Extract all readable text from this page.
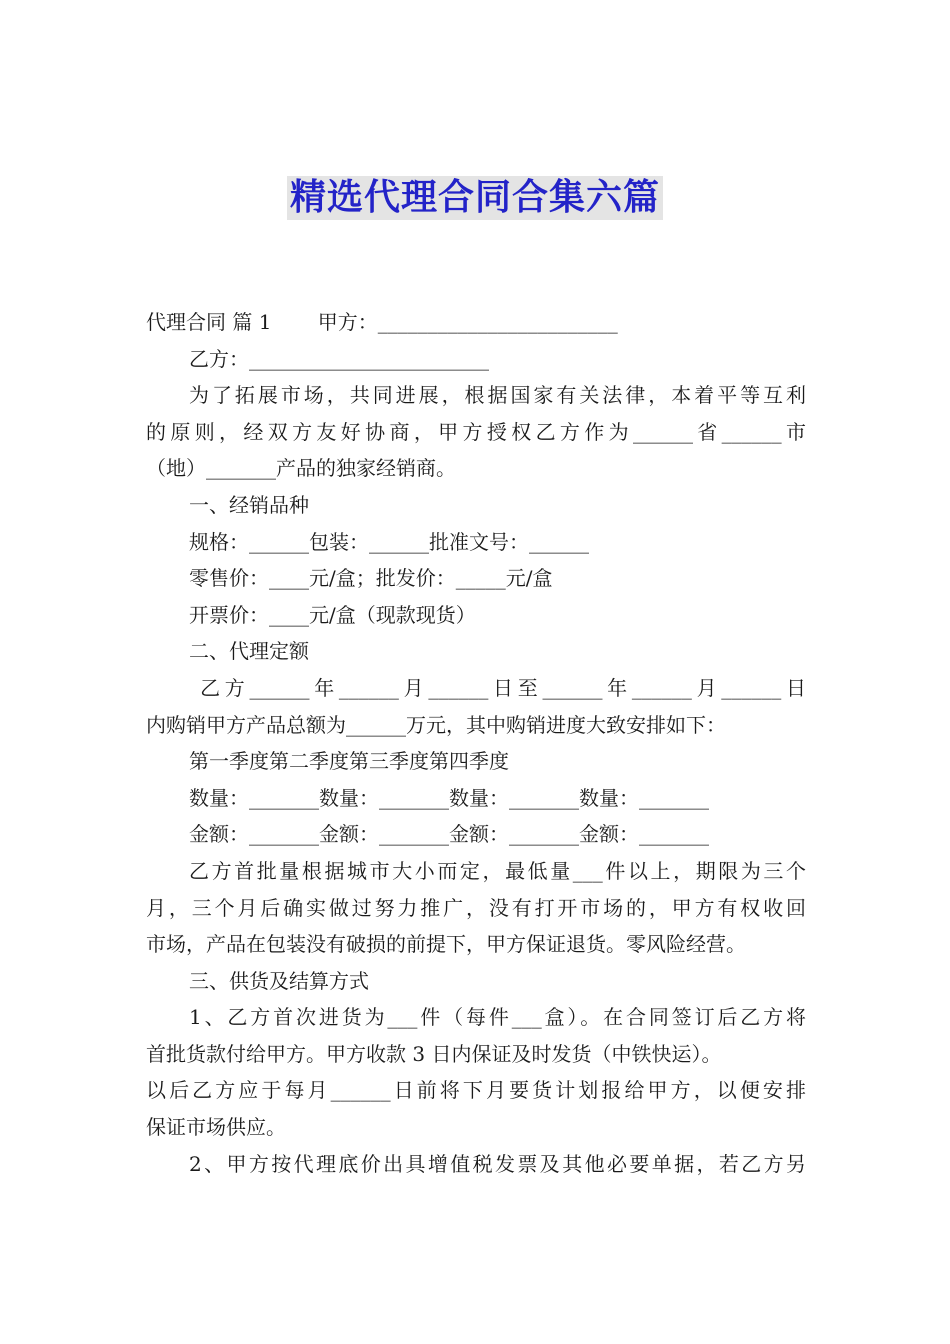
精选代理合同合集六篇
代理合同 篇 1 　　甲方：________________________
乙方：________________________
为了拓展市场，共同进展，根据国家有关法律，本着平等互利
的原则，经双方友好协商，甲方授权乙方作为______省______市
（地）_______产品的独家经销商。
一、经销品种
规格：______包装：______批准文号：______
零售价：____元/盒；批发价：_____元/盒
开票价：____元/盒（现款现货）
二、代理定额
乙方______年______月______日至______年______月______日
内购销甲方产品总额为______万元，其中购销进度大致安排如下：
第一季度第二季度第三季度第四季度
数量：_______数量：_______数量：_______数量：_______
金额：_______金额：_______金额：_______金额：_______
乙方首批量根据城市大小而定，最低量___件以上，期限为三个
月，三个月后确实做过努力推广，没有打开市场的，甲方有权收回
市场，产品在包装没有破损的前提下，甲方保证退货。零风险经营。
三、供货及结算方式
1、乙方首次进货为___件（每件___盒）。在合同签订后乙方将
首批货款付给甲方。甲方收款 3 日内保证及时发货（中铁快运）。
以后乙方应于每月______日前将下月要货计划报给甲方，以便安排
保证市场供应。
2、甲方按代理底价出具增值税发票及其他必要单据，若乙方另
